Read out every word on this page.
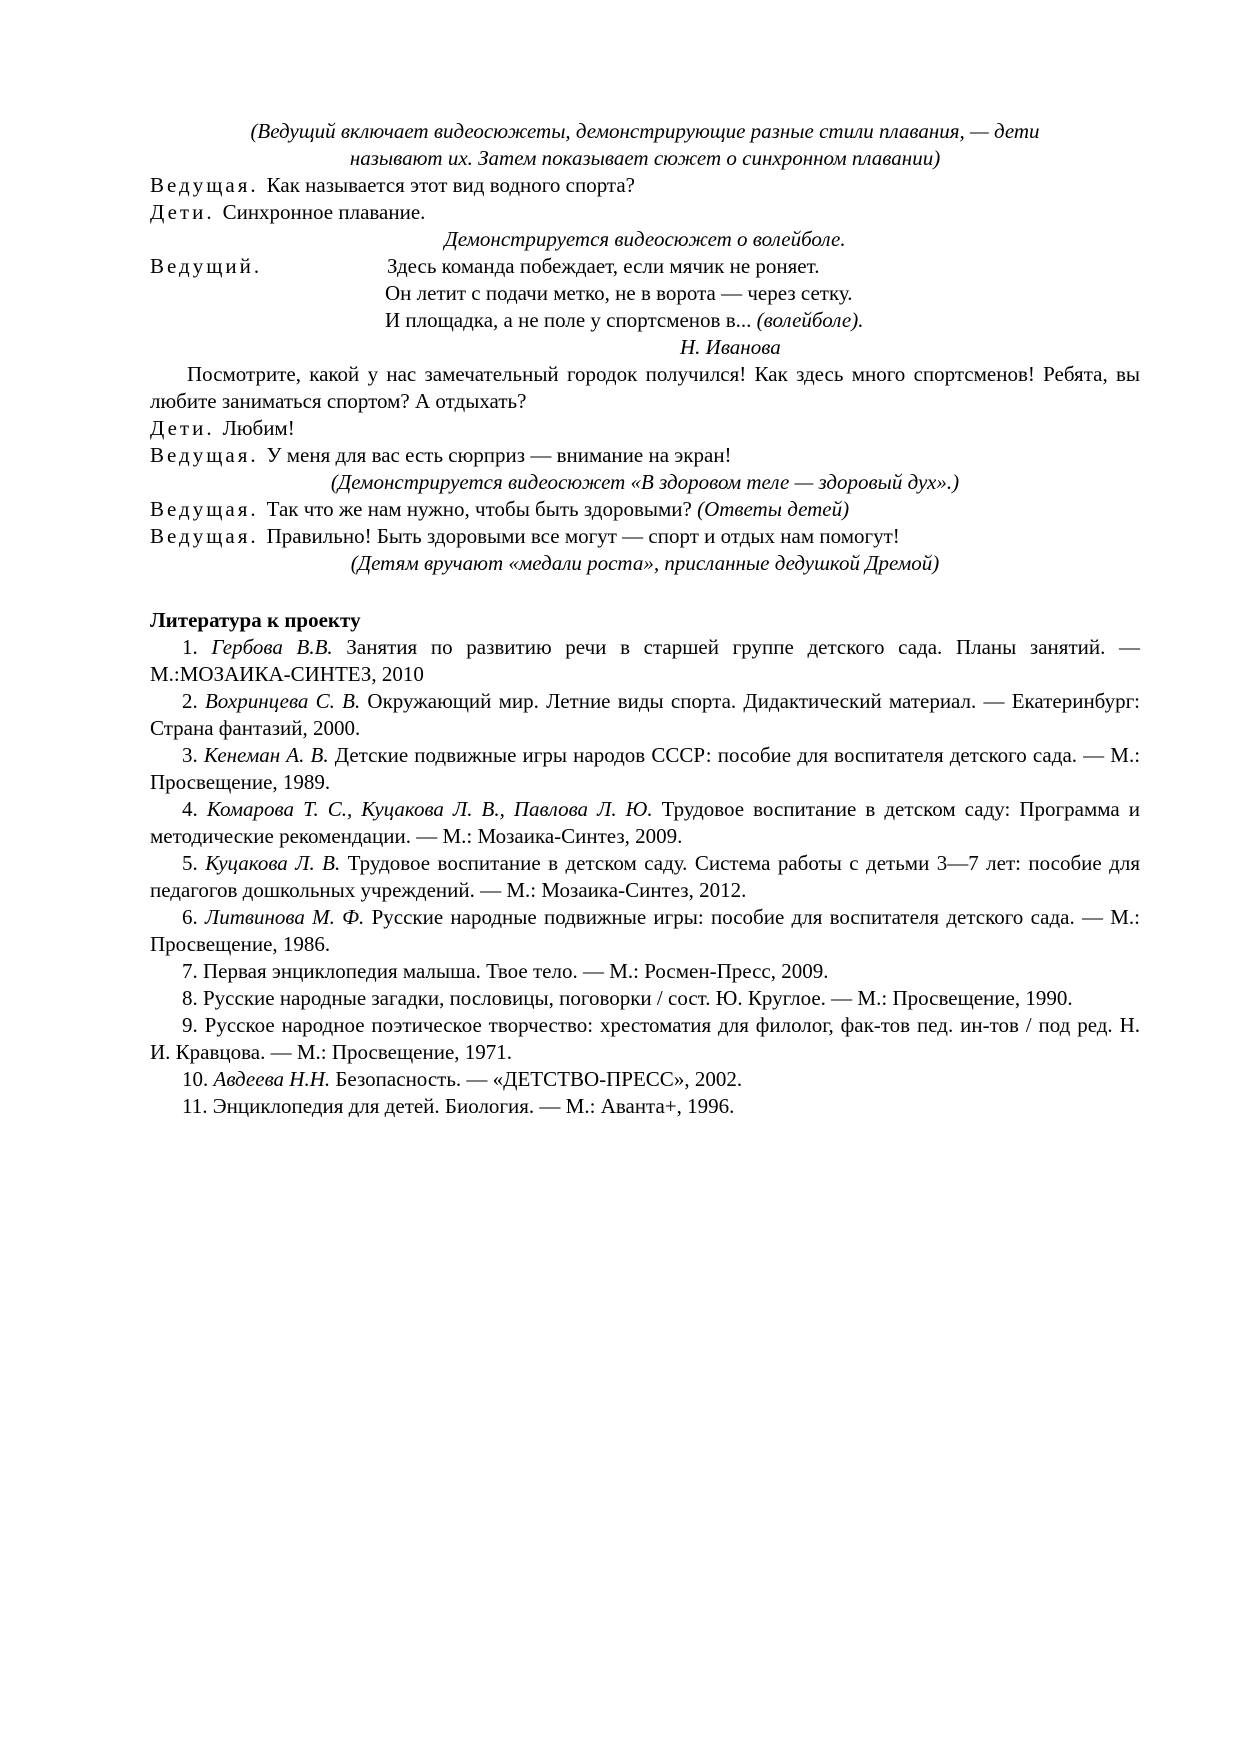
(Ведущий включает видеосюжеты, демонстрирующие разные стили плавания, — дети

называют их. Затем показывает сюжет о синхронном плавании)

Ведущая. Как называется этот вид водного спорта?

Дети. Синхронное плавание.

Демонстрируется видеосюжет о волейболе.

Ведущий.	Здесь команда побеждает, если мячик не роняет.

Он летит с подачи метко, не в ворота — через сетку.

И площадка, а не поле у спортсменов в... (волейболе).

Н. Иванова

Посмотрите, какой у нас замечательный городок получился! Как здесь много спортсменов! Ребята, вы любите заниматься спортом? А отдыхать?

Дети. Любим!

Ведущая. У меня для вас есть сюрприз — внимание на экран!

(Демонстрируется видеосюжет «В здоровом теле — здоровый дух».)

Ведущая. Так что же нам нужно, чтобы быть здоровыми? (Ответы детей)

Ведущая. Правильно! Быть здоровыми все могут — спорт и отдых нам помогут!

(Детям вручают «медали роста», присланные дедушкой Дремой)

Литература к проекту

1. Гербова В.В. Занятия по развитию речи в старшей группе детского сада. Планы занятий. — М.:МОЗАИКА-СИНТЕЗ, 2010

2. Вохринцева С. В. Окружающий мир. Летние виды спорта. Дидактический материал. — Екатеринбург: Страна фантазий, 2000.

3. Кенеман А. В. Детские подвижные игры народов СССР: пособие для воспитателя детского сада. — М.: Просвещение, 1989.

4. Комарова Т. С., Куцакова Л. В., Павлова Л. Ю. Трудовое воспитание в детском саду: Программа и методические рекомендации. — М.: Мозаика-Синтез, 2009.

5. Куцакова Л. В. Трудовое воспитание в детском саду. Система работы с детьми 3—7 лет: пособие для педагогов дошкольных учреждений. — М.: Мозаика-Синтез, 2012.

6. Литвинова М. Ф. Русские народные подвижные игры: пособие для воспитателя детского сада. — М.: Просвещение, 1986.

7. Первая энциклопедия малыша. Твое тело. — М.: Росмен-Пресс, 2009.

8. Русские народные загадки, пословицы, поговорки / сост. Ю. Круглое. — М.: Просвещение, 1990.

9. Русское народное поэтическое творчество: хрестоматия для филолог, фак-тов пед. ин-тов / под ред. Н. И. Кравцова. — М.: Просвещение, 1971.

10. Авдеева Н.Н. Безопасность. — «ДЕТСТВО-ПРЕСС», 2002.

11. Энциклопедия для детей. Биология. — М.: Аванта+, 1996.
